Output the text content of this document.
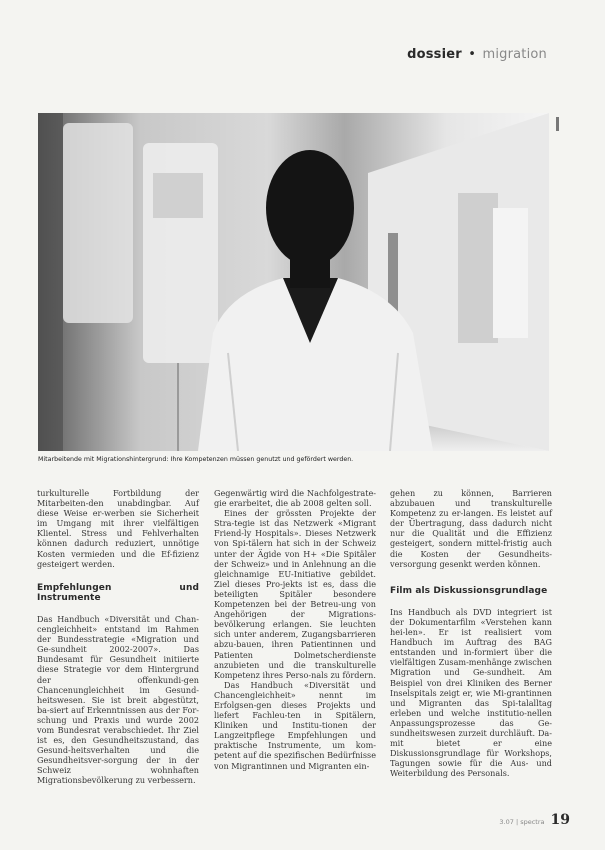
dossier • migration
Mitarbeitende mit Migrationshintergrund: Ihre Kompetenzen müssen genutzt und gefördert werden.

turkulturelle Fortbildung der Mitarbeiten-den unabdingbar. Auf diese Weise er-werben sie Sicherheit im Umgang mit ihrer vielfältigen Klientel. Stress und Fehlverhalten können dadurch reduziert, unnötige Kosten vermieden und die Ef-fizienz gesteigert werden.

Empfehlungen und Instrumente

Das Handbuch «Diversität und Chan-cengleichheit» entstand im Rahmen der Bundesstrategie «Migration und Ge-sundheit 2002-2007». Das Bundesamt für Gesundheit initiierte diese Strategie vor dem Hintergrund der offenkundi-gen Chancenungleichheit im Gesund-heitswesen. Sie ist breit abgestützt, ba-siert auf Erkenntnissen aus der For-schung und Praxis und wurde 2002 vom Bundesrat verabschiedet. Ihr Ziel ist es, den Gesundheitszustand, das Gesund-heitsverhalten und die Gesundheitsver-sorgung der in der Schweiz wohnhaften Migrationsbevölkerung zu verbessern.

Gegenwärtig wird die Nachfolgestrate-gie erarbeitet, die ab 2008 gelten soll.

Eines der grössten Projekte der Stra-tegie ist das Netzwerk «Migrant Friend-ly Hospitals». Dieses Netzwerk von Spi-tälern hat sich in der Schweiz unter der Ägide von H+ «Die Spitäler der Schweiz» und in Anlehnung an die gleichnamige EU-Initiative gebildet. Ziel dieses Pro-jekts ist es, dass die beteiligten Spitäler besondere Kompetenzen bei der Betreu-ung von Angehörigen der Migrations-bevölkerung erlangen. Sie leuchten sich unter anderem, Zugangsbarrieren abzu-bauen, ihren Patientinnen und Patienten Dolmetscherdienste anzubieten und die transkulturelle Kompetenz ihres Perso-nals zu fördern.

Das Handbuch «Diversität und Chancengleichheit» nennt im Erfolgsen-gen dieses Projekts und liefert Fachleu-ten in Spitälern, Kliniken und Institu-tionen der Langzeitpflege Empfehlungen und praktische Instrumente, um kom-petent auf die spezifischen Bedürfnisse von Migrantinnen und Migranten ein-

gehen zu können, Barrieren abzubauen und transkulturelle Kompetenz zu er-langen. Es leistet auf der Übertragung, dass dadurch nicht nur die Qualität und die Effizienz gesteigert, sondern mittel-fristig auch die Kosten der Gesundheits-versorgung gesenkt werden können.

Film als Diskussionsgrundlage

Ins Handbuch als DVD integriert ist der Dokumentarfilm «Verstehen kann hei-len». Er ist realisiert vom Handbuch im Auftrag des BAG entstanden und in-formiert über die vielfältigen Zusam-menhänge zwischen Migration und Ge-sundheit. Am Beispiel von drei Kliniken des Berner Inselspitals zeigt er, wie Mi-grantinnen und Migranten das Spi-talalltag erleben und welche institutio-nellen Anpassungsprozesse das Ge-sundheitswesen zurzeit durchläuft. Da-mit bietet er eine Diskussionsgrundlage für Workshops, Tagungen sowie für die Aus- und Weiterbildung des Personals.

3.07 | spectra 19
